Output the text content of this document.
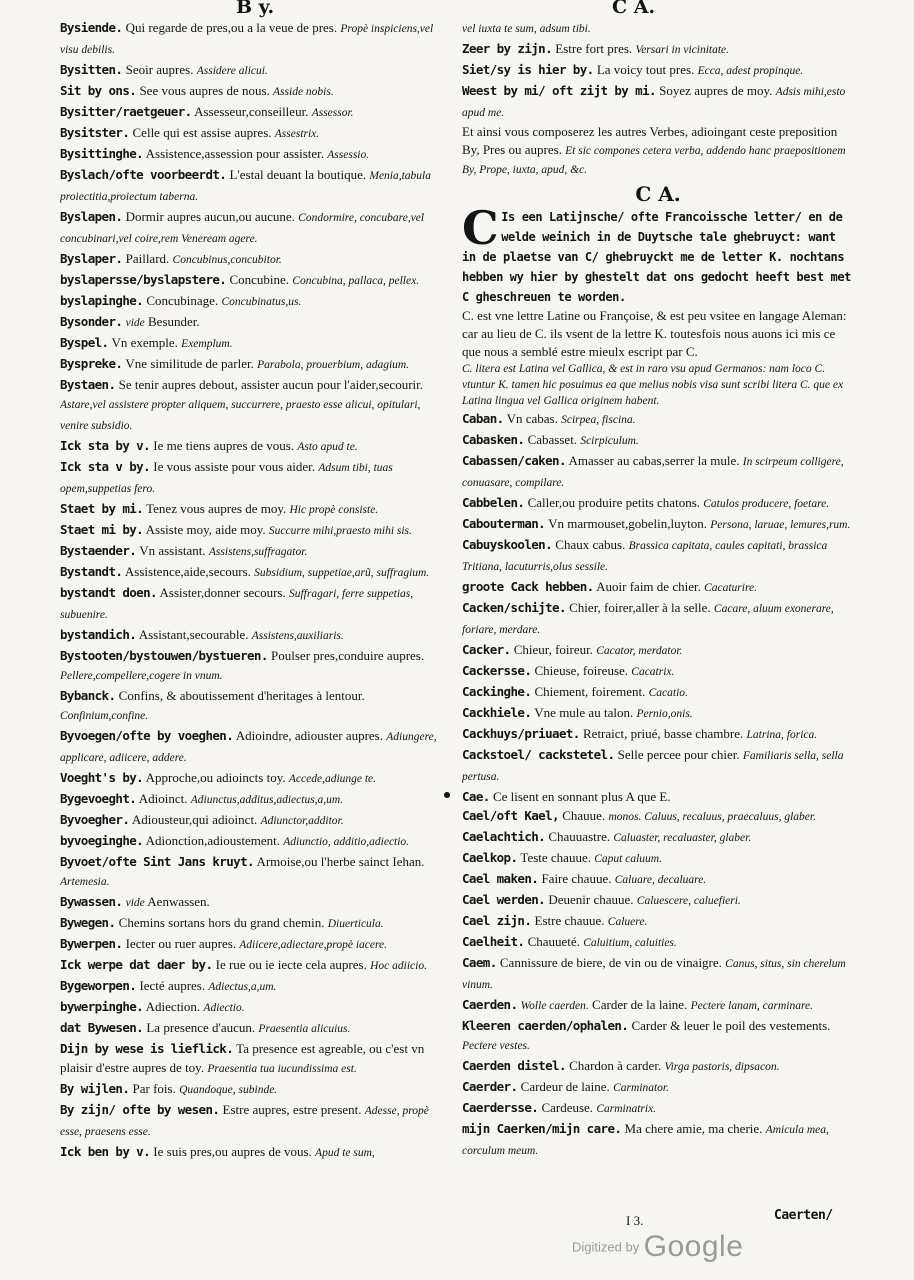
B y.	C A.

Bysiende. Qui regarde de pres,ou a la veue de pres. Propè inspiciens,vel visu debilis.

Bysitten. Seoir aupres. Assidere alicui.

Sit by ons. See vous aupres de nous. Asside nobis.

Bysitter/raetgeuer. Assesseur,conseilleur. Assessor.

Bysitster. Celle qui est assise aupres. Assestrix.

Bysittinghe. Assistence,assession pour assister. Assessio.

Byslach/ofte voorbeerdt. L'estal deuant la boutique. Menia,tabula proiectitia,proiectum taberna.

Byslapen. Dormir aupres aucun,ou aucune. Condormire, concubare,vel concubinari,vel coire,rem Veneream agere.

Byslaper. Paillard. Concubinus,concubitor.

byslapersse/byslapstere. Concubine. Concubina, pallaca, pellex.

byslapinghe. Concubinage. Concubinatus,us.

Bysonder. vide Besunder.

Byspel. Vn exemple. Exemplum.

Byspreke. Vne similitude de parler. Parabola, prouerbium, adagium.

Bystaen. Se tenir aupres debout, assister aucun pour l'aider,secourir. Astare,vel assistere propter aliquem, succurrere, praesto esse alicui, opitulari, venire subsidio.

Ick sta by v. Ie me tiens aupres de vous. Asto apud te.

Ick sta v by. Ie vous assiste pour vous aider. Adsum tibi, tuas opem,suppetias fero.

Staet by mi. Tenez vous aupres de moy. Hic propè consiste.

Staet mi by. Assiste moy, aide moy. Succurre mihi,praesto mihi sis.

Bystaender. Vn assistant. Assistens,suffragator.

Bystandt. Assistence,aide,secours. Subsidium, suppetiae,arũ, suffragium.

bystandt doen. Assister,donner secours. Suffragari, ferre suppetias, subuenire.

bystandich. Assistant,secourable. Assistens,auxiliaris.

Bystooten/bystouwen/bystueren. Poulser pres,conduire aupres. Pellere,compellere,cogere in vnum.

Bybanck. Confins, & aboutissement d'heritages à lentour. Confinium,confine.

Byvoegen/ofte by voeghen. Adioindre, adiouster aupres. Adiungere, applicare, adiicere, addere.

Voeght's by. Approche,ou adioincts toy. Accede,adiunge te.

Bygevoeght. Adioinct. Adiunctus,additus,adiectus,a,um.

Byvoegher. Adiousteur,qui adioinct. Adiunctor,additor.

byvoeginghe. Adionction,adioustement. Adiunctio, additio,adiectio.

Byvoet/ofte Sint Jans kruyt. Armoise,ou l'herbe sainct Iehan. Artemesia.

Bywassen. vide Aenwassen.

Bywegen. Chemins sortans hors du grand chemin. Diuerticula.

Bywerpen. Iecter ou ruer aupres. Adiicere,adiectare,propè iacere.

Ick werpe dat daer by. Ie rue ou ie iecte cela aupres. Hoc adiicio.

Bygeworpen. Iecté aupres. Adiectus,a,um.

bywerpinghe. Adiection. Adiectio.

dat Bywesen. La presence d'aucun. Praesentia alicuius.

Dijn by wese is lieflick. Ta presence est agreable, ou c'est vn plaisir d'estre aupres de toy. Praesentia tua iucundissima est.

By wijlen. Par fois. Quandoque, subinde.

By zijn/ ofte by wesen. Estre aupres, estre present. Adesse, propè esse, praesens esse.

Ick ben by v. Ie suis pres,ou aupres de vous. Apud te sum,

vel iuxta te sum, adsum tibi.

Zeer by zijn. Estre fort pres. Versari in vicinitate.

Siet/sy is hier by. La voicy tout pres. Ecca, adest propinque.

Weest by mi/ oft zijt by mi. Soyez aupres de moy. Adsis mihi,esto apud me.

Et ainsi vous composerez les autres Verbes, adioingant ceste preposition By, Pres ou aupres. Et sic compones cetera verba, addendo hanc praepositionem By, Prope, iuxta, apud, &c.

C A.

C Is een Latijnsche/ ofte Francoissche letter/ en de welde weinich in de Duytsche tale ghebruyct: want in de plaetse van C/ ghebruyckt me de letter K. nochtans hebben wy hier by ghestelt dat ons gedocht heeft best met C gheschreuen te worden.

C. est vne lettre Latine ou Françoise, & est peu vsitee en langage Aleman: car au lieu de C. ils vsent de la lettre K. toutesfois nous auons ici mis ce que nous a semblé estre mieulx escript par C.

C. litera est Latina vel Gallica, & est in raro vsu apud Germanos: nam loco C. vtuntur K. tamen hic posuimus ea que melius nobis visa sunt scribi litera C. que ex Latina lingua vel Gallica originem habent.

Caban. Vn cabas. Scirpea, fiscina.

Cabasken. Cabasset. Scirpiculum.

Cabassen/caken. Amasser au cabas,serrer la mule. In scirpeum colligere, conuasare, compilare.

Cabbelen. Caller,ou produire petits chatons. Catulos producere, foetare.

Cabouterman. Vn marmouset,gobelin,luyton. Persona, laruae, lemures,rum.

Cabuyskoolen. Chaux cabus. Brassica capitata, caules capitati, brassica Tritiana, lacuturris,olus sessile.

groote Cack hebben. Auoir faim de chier. Cacaturire.

Cacken/schijte. Chier, foirer,aller à la selle. Cacare, aluum exonerare, foriare, merdare.

Cacker. Chieur, foireur. Cacator, merdator.

Cackersse. Chieuse, foireuse. Cacatrix.

Cackinghe. Chiement, foirement. Cacatio.

Cackhiele. Vne mule au talon. Pernio,onis.

Cackhuys/priuaet. Retraict, priué, basse chambre. Latrina, forica.

Cackstoel/ cackstetel. Selle percee pour chier. Familiaris sella, sella pertusa.

Cae. Ce lisent en sonnant plus A que E.

Cael/oft Kael, Chauue. monos. Caluus, recaluus, praecaluus, glaber.

Caelachtich. Chauuastre. Caluaster, recaluaster, glaber.

Caelkop. Teste chauue. Caput caluum.

Cael maken. Faire chauue. Caluare, decaluare.

Cael werden. Deuenir chauue. Caluescere, caluefieri.

Cael zijn. Estre chauue. Caluere.

Caelheit. Chauueté. Caluitium, caluities.

Caem. Cannissure de biere, de vin ou de vinaigre. Canus, situs, sin cherelum vinum.

Caerden. Wolle caerden. Carder de la laine. Pectere lanam, carminare.

Kleeren caerden/ophalen. Carder & leuer le poil des vestements. Pectere vestes.

Caerden distel. Chardon à carder. Virga pastoris, dipsacon.

Caerder. Cardeur de laine. Carminator.

Caerdersse. Cardeuse. Carminatrix.

mijn Caerken/mijn care. Ma chere amie, ma cherie. Amicula mea, corculum meum.

I 3.	Caerten/
Digitized by Google
